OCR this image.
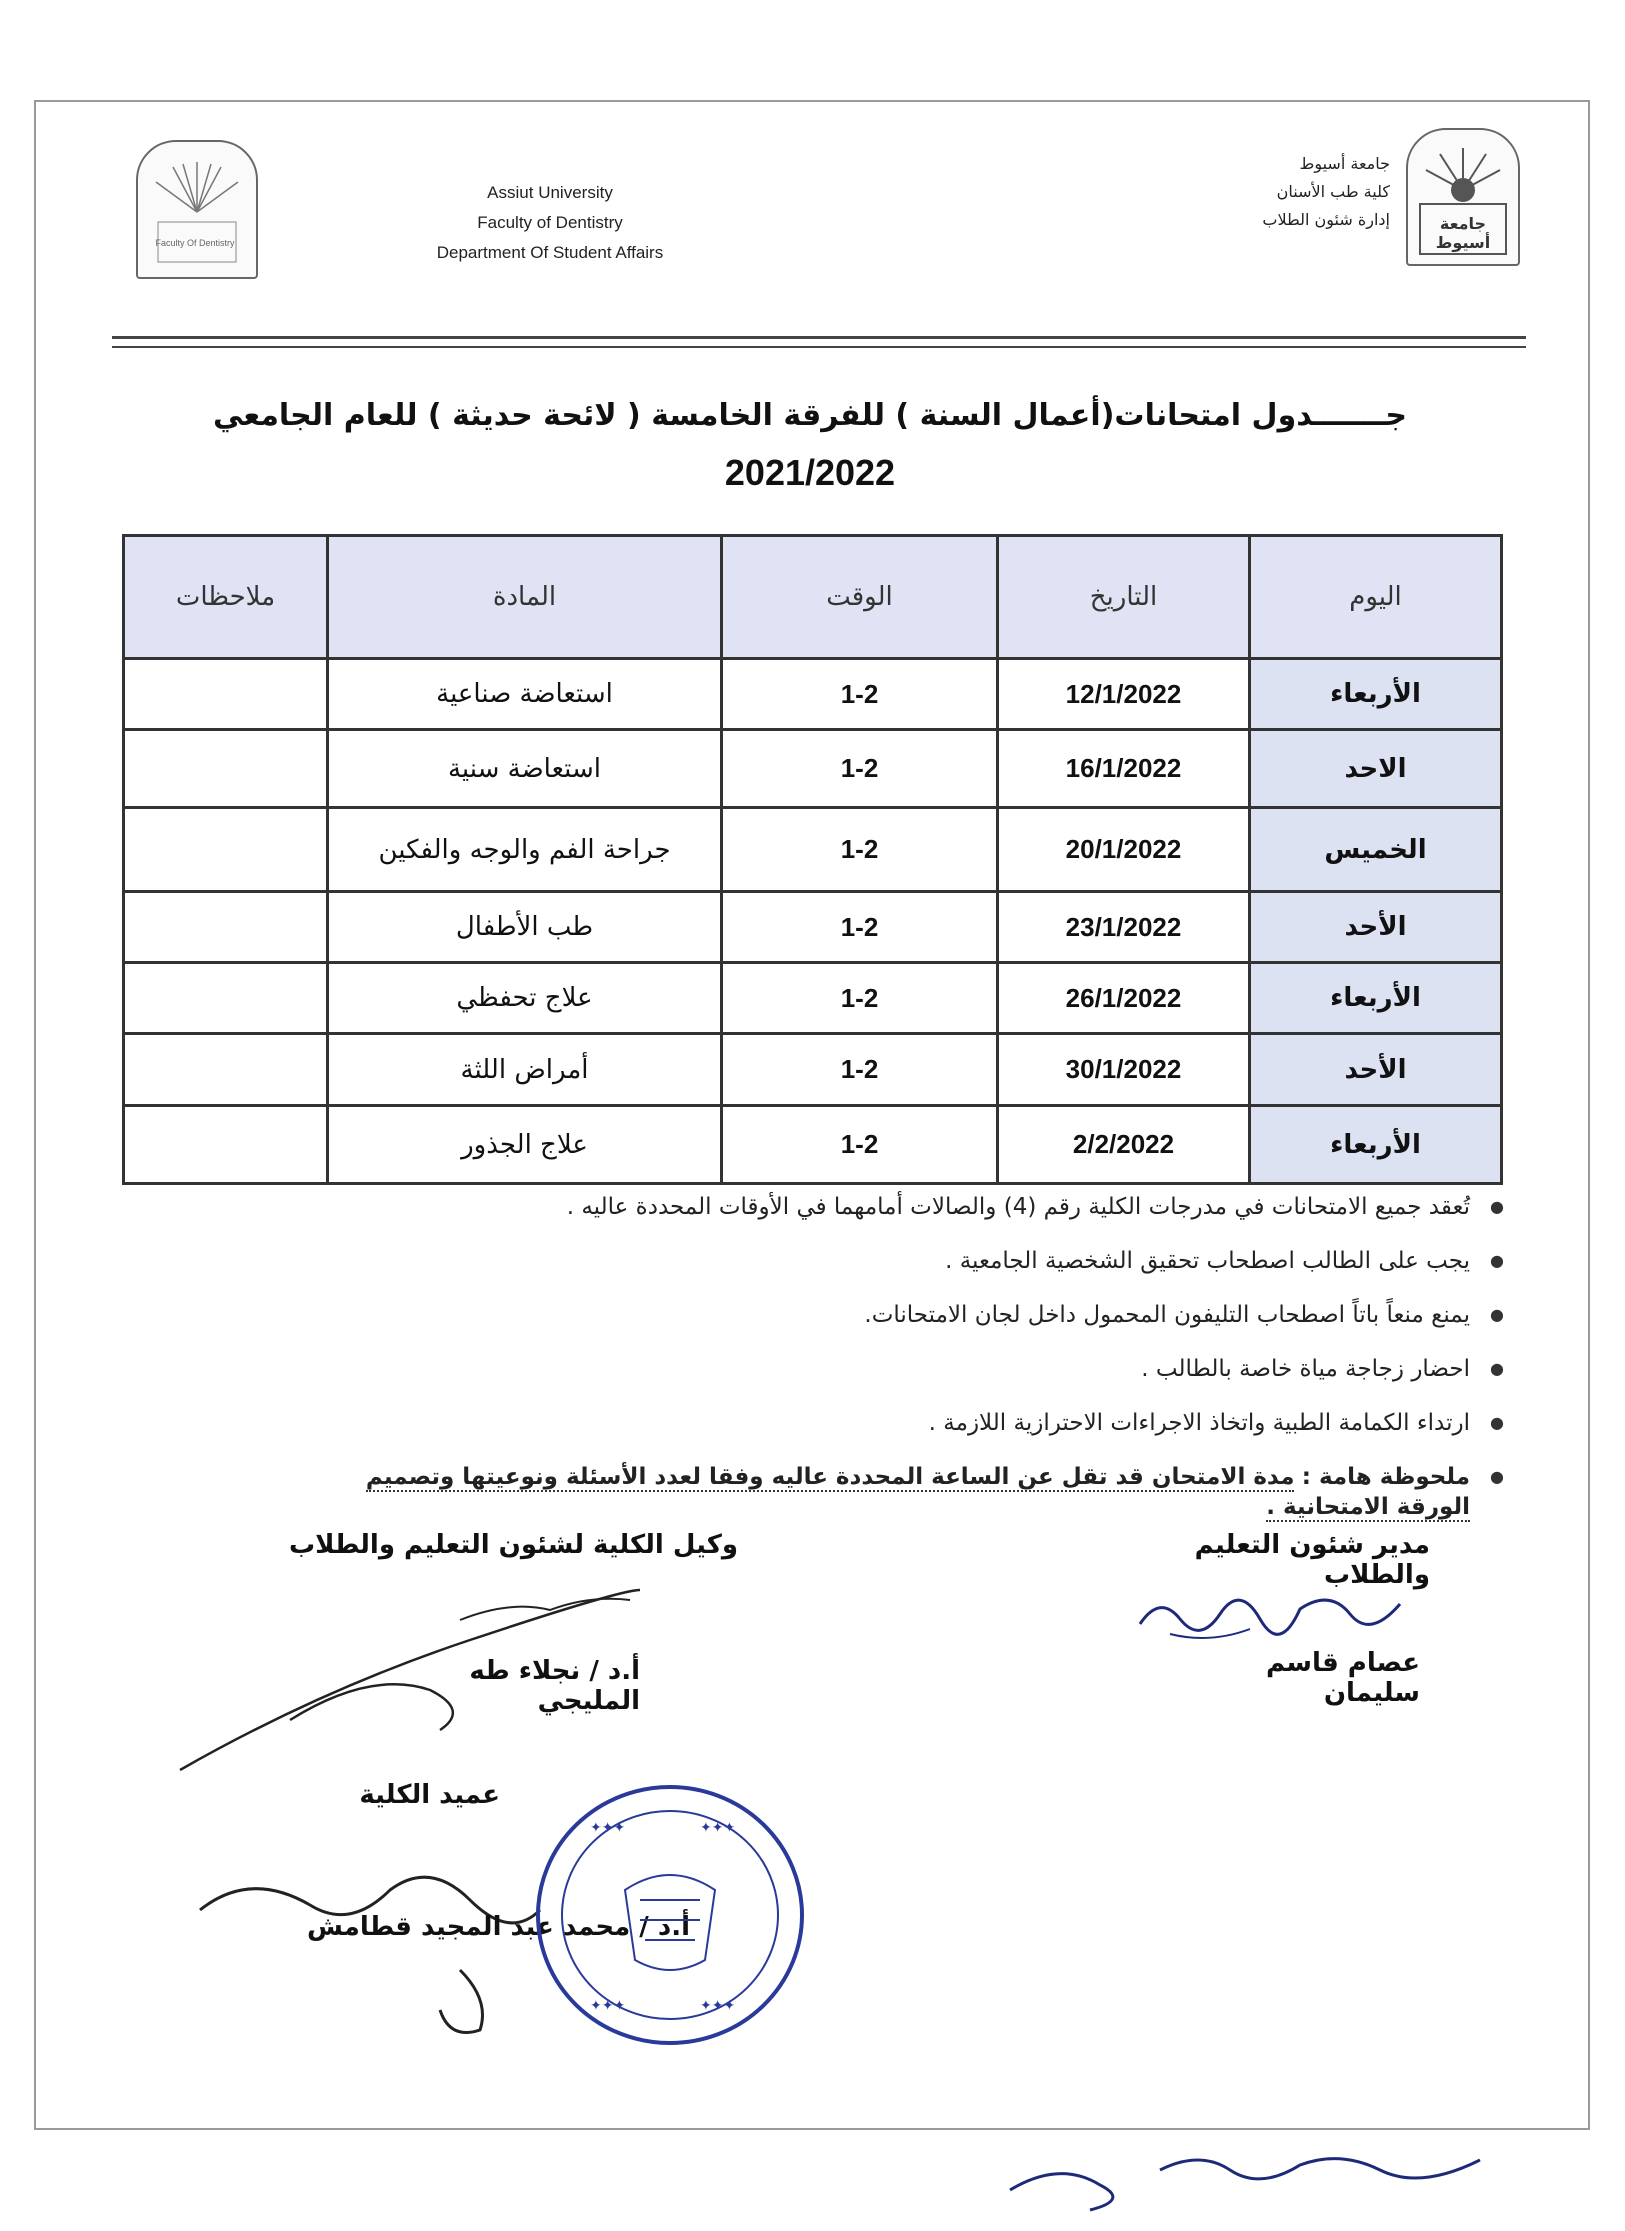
Faculty Of Dentistry
Assiut University
Faculty of Dentistry
Department Of Student Affairs
جامعة أسيوط
كلية طب الأسنان
إدارة شئون الطلاب	جامعة أسيوط
جـــــــدول امتحانات(أعمال السنة ) للفرقة الخامسة ( لائحة حديثة ) للعام الجامعي
2021/2022
اليوم	التاريخ	الوقت	المادة	ملاحظات
الأربعاء	12/1/2022	1-2	استعاضة صناعية	
الاحد	16/1/2022	1-2	استعاضة سنية	
الخميس	20/1/2022	1-2	جراحة الفم والوجه والفكين	
الأحد	23/1/2022	1-2	طب الأطفال	
الأربعاء	26/1/2022	1-2	علاج تحفظي	
الأحد	30/1/2022	1-2	أمراض اللثة	
الأربعاء	2/2/2022	1-2	علاج الجذور	
● تُعقد جميع الامتحانات في مدرجات الكلية رقم (4) والصالات أمامهما في الأوقات المحددة عاليه .
● يجب على الطالب اصطحاب تحقيق الشخصية الجامعية .
● يمنع منعاً باتاً اصطحاب التليفون المحمول داخل لجان الامتحانات.
● احضار زجاجة مياة خاصة بالطالب .
● ارتداء الكمامة الطبية واتخاذ الاجراءات الاحترازية اللازمة .
● ملحوظة هامة : مدة الامتحان قد تقل عن الساعة المحددة عاليه وفقا لعدد الأسئلة ونوعيتها وتصميم الورقة الامتحانية .
مدير شئون التعليم والطلاب
عصام قاسم سليمان
وكيل الكلية لشئون التعليم والطلاب
أ.د / نجلاء طه المليجي
عميد الكلية
أ.د / محمد عبد المجيد قطامش
✦✦✦	✦✦✦
✦✦✦	✦✦✦
